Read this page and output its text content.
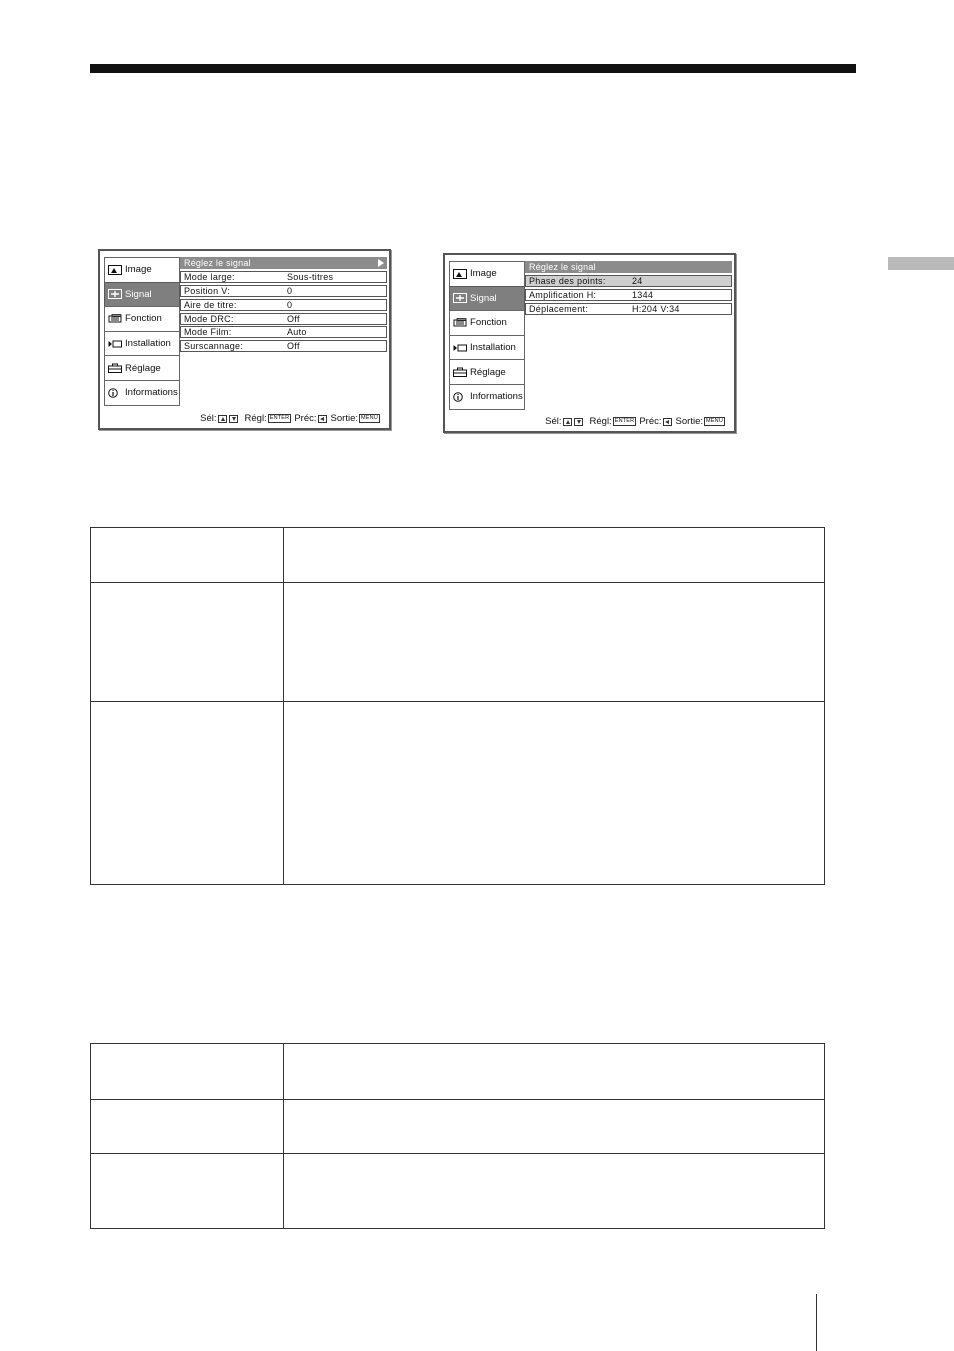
Image
Signal
Fonction
Installation
Réglage
Informations
Réglez le signal
Mode large:	Sous-titres
Position V:	0
Aire de titre:	0
Mode DRC:	Off
Mode Film:	Auto
Surscannage:	Off
Sél:	Régl: ENTER Préc: Sortie: MENU
Image
Signal
Fonction
Installation
Réglage
Informations
Réglez le signal
Phase des points:	24
Amplification H:	1344
Déplacement:	H:204 V:34
Sél:	Régl: ENTER Préc: Sortie: MENU
